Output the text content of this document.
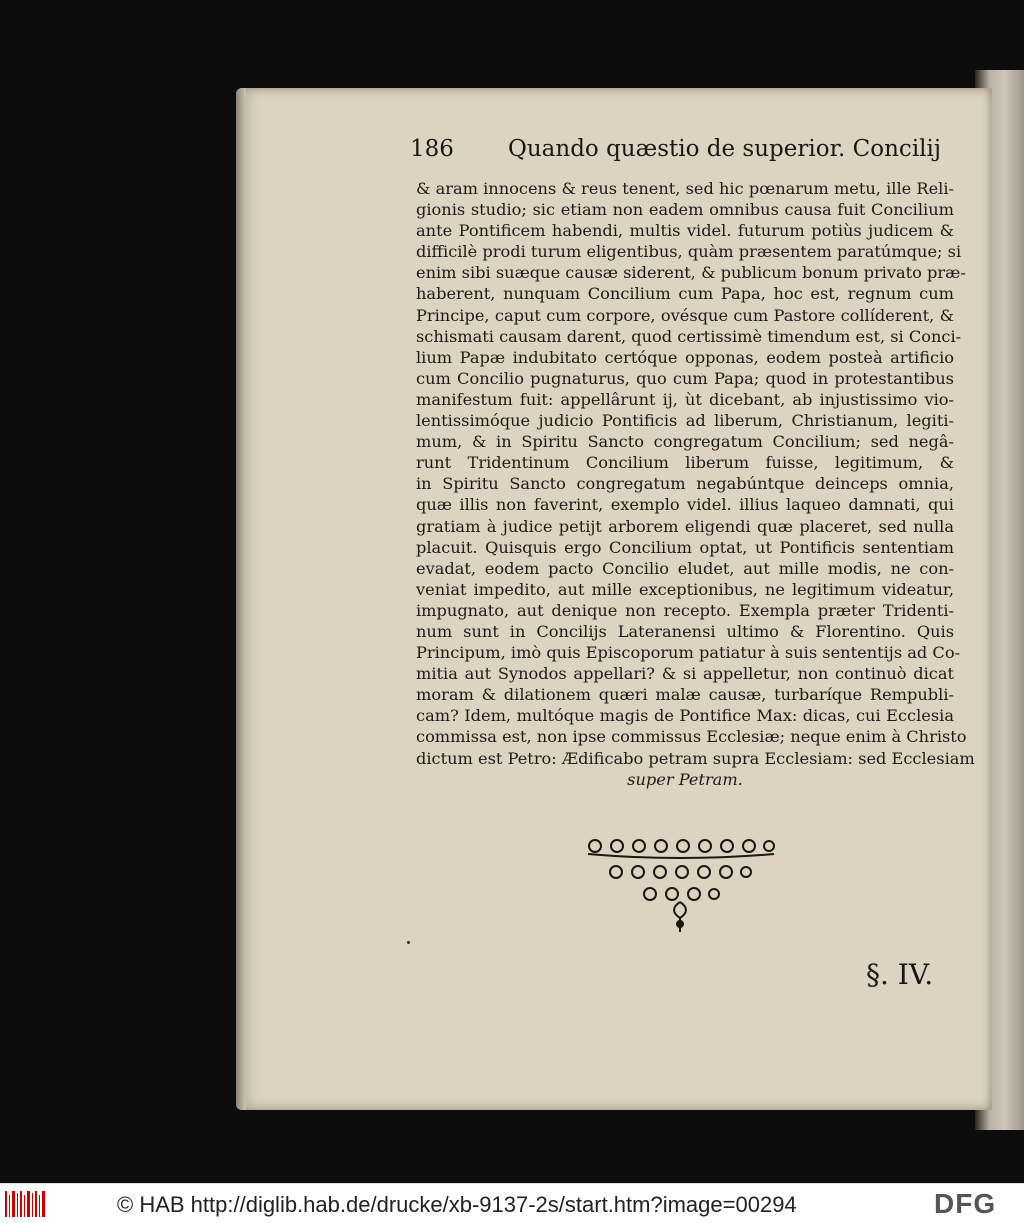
186 Quando quæstio de superior. Concilij
& aram innocens & reus tenent, sed hic pœnarum metu, ille Reli-
gionis studio; sic etiam non eadem omnibus causa fuit Concilium
ante Pontificem habendi, multis videl. futurum potiùs judicem &
difficilè prodi turum eligentibus, quàm præsentem paratúmque; si
enim sibi suæque causæ siderent, & publicum bonum privato præ-
haberent, nunquam Concilium cum Papa, hoc est, regnum cum
Principe, caput cum corpore, ovésque cum Pastore collíderent, &
schismati causam darent, quod certissimè timendum est, si Conci-
lium Papæ indubitato certóque opponas, eodem posteà artificio
cum Concilio pugnaturus, quo cum Papa; quod in protestantibus
manifestum fuit: appellârunt ij, ùt dicebant, ab injustissimo vio-
lentissimóque judicio Pontificis ad liberum, Christianum, legiti-
mum, & in Spiritu Sancto congregatum Concilium; sed negâ-
runt Tridentinum Concilium liberum fuisse, legitimum, &
in Spiritu Sancto congregatum negabúntque deinceps omnia,
quæ illis non faverint, exemplo videl. illius laqueo damnati, qui
gratiam à judice petijt arborem eligendi quæ placeret, sed nulla
placuit. Quisquis ergo Concilium optat, ut Pontificis sententiam
evadat, eodem pacto Concilio eludet, aut mille modis, ne con-
veniat impedito, aut mille exceptionibus, ne legitimum videatur,
impugnato, aut denique non recepto. Exempla præter Tridenti-
num sunt in Concilijs Lateranensi ultimo & Florentino. Quis
Principum, imò quis Episcoporum patiatur à suis sententijs ad Co-
mitia aut Synodos appellari? & si appelletur, non continuò dicat
moram & dilationem quæri malæ causæ, turbaríque Rempubli-
cam? Idem, multóque magis de Pontifice Max: dicas, cui Ecclesia
commissa est, non ipse commissus Ecclesiæ; neque enim à Christo
dictum est Petro: Ædificabo petram supra Ecclesiam: sed Ecclesiam
super Petram.
§. IV.
© HAB http://diglib.hab.de/drucke/xb-9137-2s/start.htm?image=00294	DFG
